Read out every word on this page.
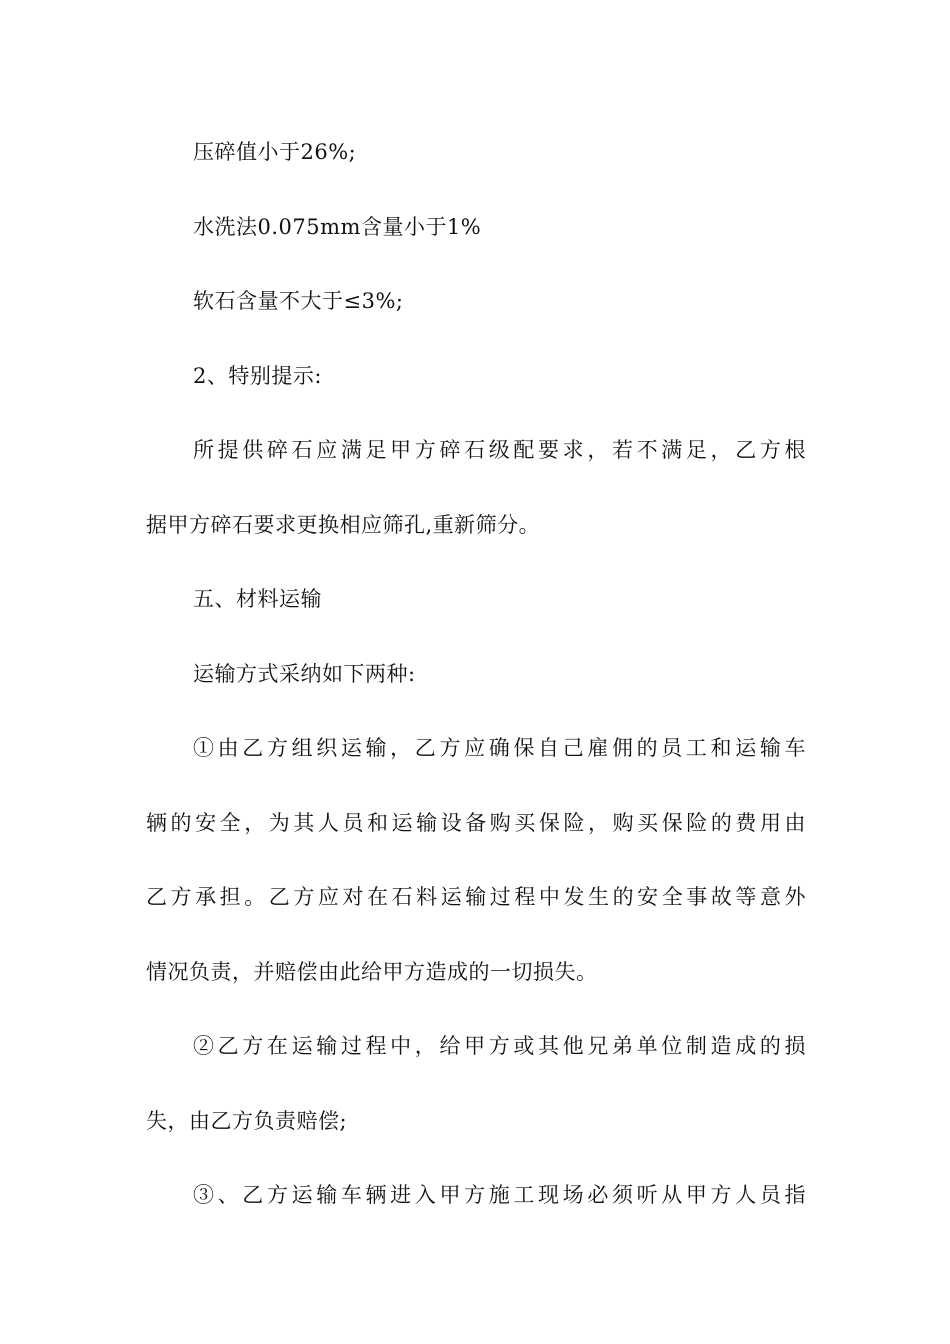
压碎值小于26%;
水洗法0.075mm含量小于1%
软石含量不大于≤3%;
2、特别提示:
所提供碎石应满足甲方碎石级配要求，若不满足，乙方根
据甲方碎石要求更换相应筛孔,重新筛分。
五、材料运输
运输方式采纳如下两种:
①由乙方组织运输，乙方应确保自己雇佣的员工和运输车
辆的安全，为其人员和运输设备购买保险，购买保险的费用由
乙方承担。乙方应对在石料运输过程中发生的安全事故等意外
情况负责，并赔偿由此给甲方造成的一切损失。
②乙方在运输过程中，给甲方或其他兄弟单位制造成的损
失，由乙方负责赔偿;
③、乙方运输车辆进入甲方施工现场必须听从甲方人员指
